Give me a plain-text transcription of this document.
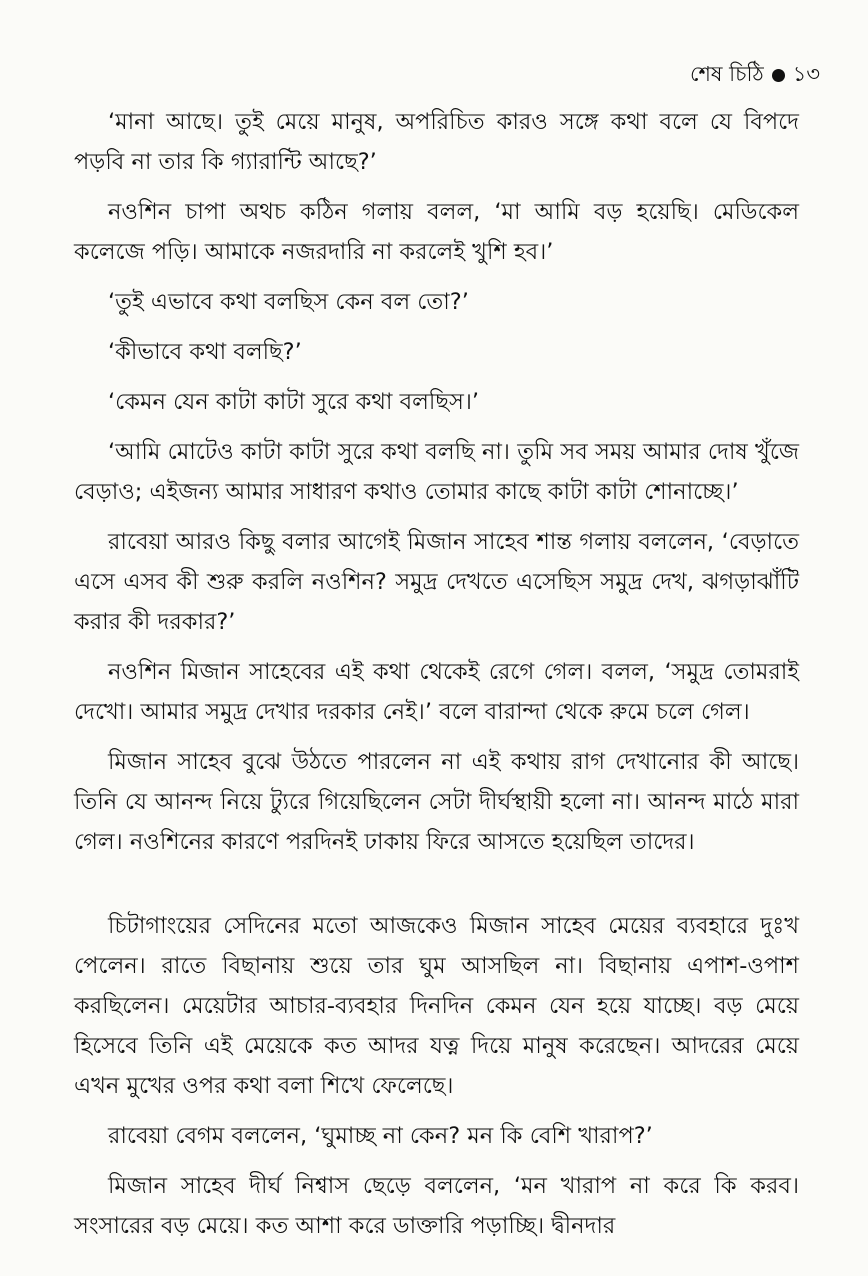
শেষ চিঠি ১৩

‘মানা আছে। তুই মেয়ে মানুষ, অপরিচিত কারও সঙ্গে কথা বলে যে বিপদে পড়বি না তার কি গ্যারান্টি আছে?’

নওশিন চাপা অথচ কঠিন গলায় বলল, ‘মা আমি বড় হয়েছি। মেডিকেল কলেজে পড়ি। আমাকে নজরদারি না করলেই খুশি হব।’

‘তুই এভাবে কথা বলছিস কেন বল তো?’

‘কীভাবে কথা বলছি?’

‘কেমন যেন কাটা কাটা সুরে কথা বলছিস।’

‘আমি মোটেও কাটা কাটা সুরে কথা বলছি না। তুমি সব সময় আমার দোষ খুঁজে বেড়াও; এইজন্য আমার সাধারণ কথাও তোমার কাছে কাটা কাটা শোনাচ্ছে।’

রাবেয়া আরও কিছু বলার আগেই মিজান সাহেব শান্ত গলায় বললেন, ‘বেড়াতে এসে এসব কী শুরু করলি নওশিন? সমুদ্র দেখতে এসেছিস সমুদ্র দেখ, ঝগড়াঝাঁটি করার কী দরকার?’

নওশিন মিজান সাহেবের এই কথা থেকেই রেগে গেল। বলল, ‘সমুদ্র তোমরাই দেখো। আমার সমুদ্র দেখার দরকার নেই।’ বলে বারান্দা থেকে রুমে চলে গেল।

মিজান সাহেব বুঝে উঠতে পারলেন না এই কথায় রাগ দেখানোর কী আছে। তিনি যে আনন্দ নিয়ে ট্যুরে গিয়েছিলেন সেটা দীর্ঘস্থায়ী হলো না। আনন্দ মাঠে মারা গেল। নওশিনের কারণে পরদিনই ঢাকায় ফিরে আসতে হয়েছিল তাদের।

চিটাগাংয়ের সেদিনের মতো আজকেও মিজান সাহেব মেয়ের ব্যবহারে দুঃখ পেলেন। রাতে বিছানায় শুয়ে তার ঘুম আসছিল না। বিছানায় এপাশ-ওপাশ করছিলেন। মেয়েটার আচার-ব্যবহার দিনদিন কেমন যেন হয়ে যাচ্ছে। বড় মেয়ে হিসেবে তিনি এই মেয়েকে কত আদর যত্ন দিয়ে মানুষ করেছেন। আদরের মেয়ে এখন মুখের ওপর কথা বলা শিখে ফেলেছে।

রাবেয়া বেগম বললেন, ‘ঘুমাচ্ছ না কেন? মন কি বেশি খারাপ?’

মিজান সাহেব দীর্ঘ নিশ্বাস ছেড়ে বললেন, ‘মন খারাপ না করে কি করব। সংসারের বড় মেয়ে। কত আশা করে ডাক্তারি পড়াচ্ছি। দ্বীনদার
